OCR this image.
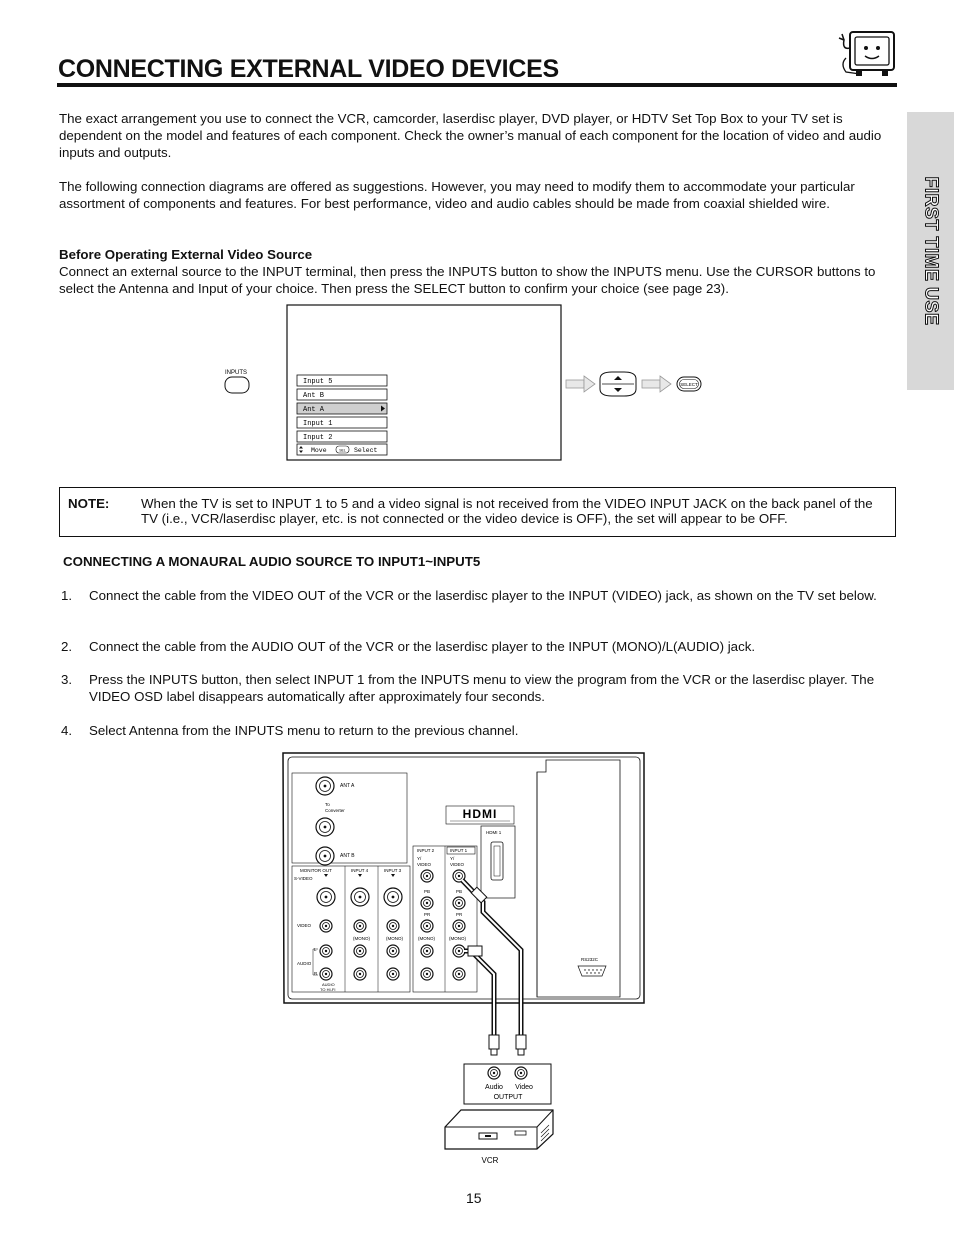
CONNECTING EXTERNAL VIDEO DEVICES
FIRST TIME USE
The exact arrangement you use to connect the VCR, camcorder, laserdisc player, DVD player, or HDTV Set Top Box to your TV set is dependent on the model and features of each component. Check the owner’s manual of each component for the location of video and audio inputs and outputs.
The following connection diagrams are offered as suggestions. However, you may need to modify them to accommodate your particular assortment of components and features. For best performance, video and audio cables should be made from coaxial shielded wire.
Before Operating External Video Source
Connect an external source to the INPUT terminal, then press the INPUTS button to show the INPUTS menu. Use the CURSOR buttons to select the Antenna and Input of your choice. Then press the SELECT button to confirm your choice (see page 23).
INPUTS
Input 5
Ant B
Ant A
Input 1
Input 2
Move	SEL Select
SELECT
NOTE: When the TV is set to INPUT 1 to 5 and a video signal is not received from the VIDEO INPUT JACK on the back panel of the TV (i.e., VCR/laserdisc player, etc. is not connected or the video device is OFF), the set will appear to be OFF.
CONNECTING A MONAURAL AUDIO SOURCE TO INPUT1~INPUT5
1. Connect the cable from the VIDEO OUT of the VCR or the laserdisc player to the INPUT (VIDEO) jack, as shown on the TV set below.
2. Connect the cable from the AUDIO OUT of the VCR or the laserdisc player to the INPUT (MONO)/L(AUDIO) jack.
3. Press the INPUTS button, then select INPUT 1 from the INPUTS menu to view the program from the VCR or the laserdisc player. The VIDEO OSD label disappears automatically after approximately four seconds.
4. Select Antenna from the INPUTS menu to return to the previous channel.
ANT A
To
Converter
ANT B
HDMI
HDMI 1
INPUT 2	INPUT 1
Y/
VIDEO
Y/
VIDEO
PB	PB
PR	PR
(MONO)	(MONO)
MONITOR OUT	INPUT 4	INPUT 3
S-VIDEO
VIDEO
(MONO)	(MONO)
AUDIO
L
R
AUDIO
TO HI-FI
RS232C
Audio Video
OUTPUT
VCR
15
